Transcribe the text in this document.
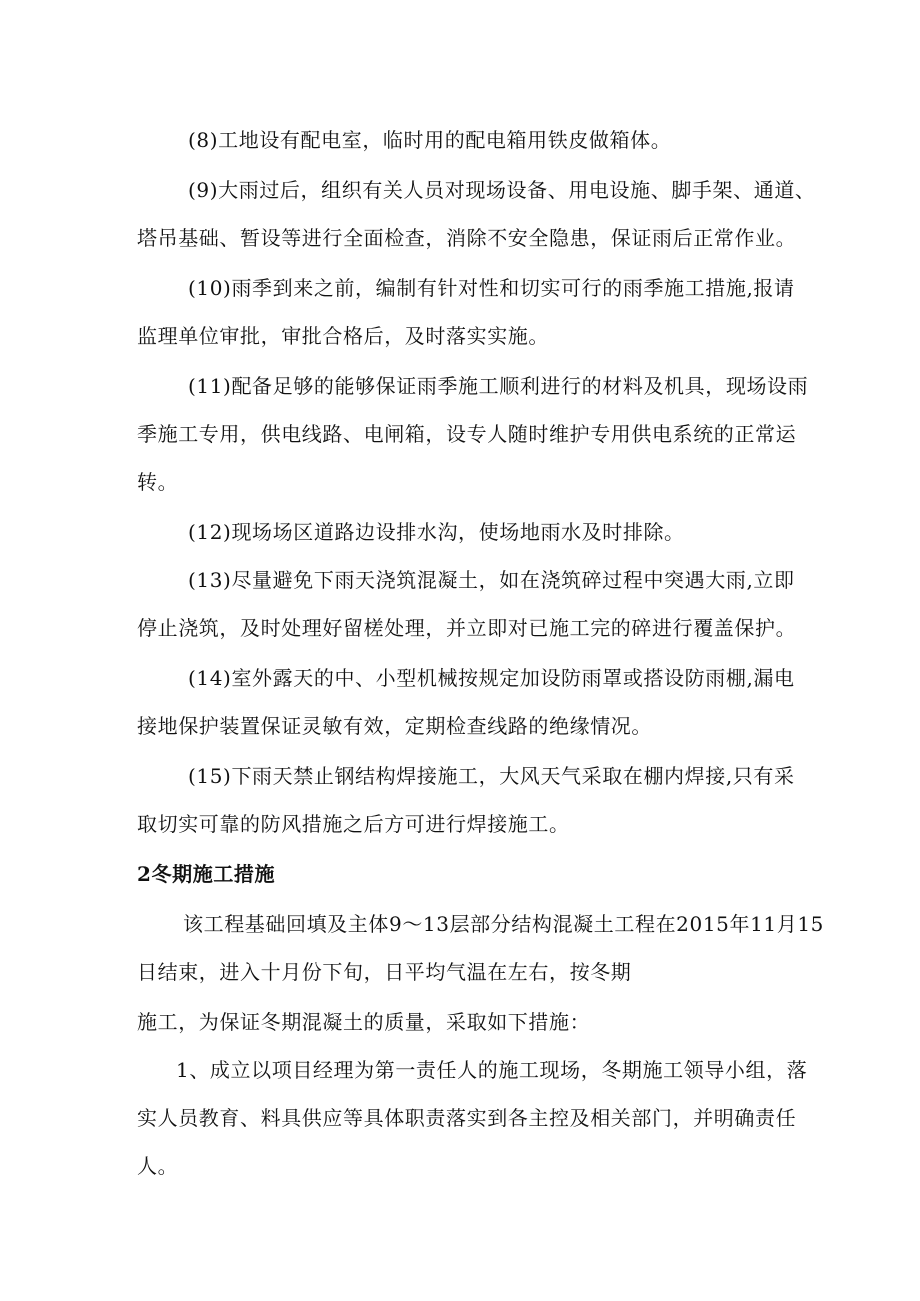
(8)工地设有配电室，临时用的配电箱用铁皮做箱体。
(9)大雨过后，组织有关人员对现场设备、用电设施、脚手架、通道、
塔吊基础、暂设等进行全面检查，消除不安全隐患，保证雨后正常作业。
(10)雨季到来之前，编制有针对性和切实可行的雨季施工措施,报请
监理单位审批，审批合格后，及时落实实施。
(11)配备足够的能够保证雨季施工顺利进行的材料及机具，现场设雨
季施工专用，供电线路、电闸箱，设专人随时维护专用供电系统的正常运
转。
(12)现场场区道路边设排水沟，使场地雨水及时排除。
(13)尽量避免下雨天浇筑混凝土，如在浇筑碎过程中突遇大雨,立即
停止浇筑，及时处理好留槎处理，并立即对已施工完的碎进行覆盖保护。
(14)室外露天的中、小型机械按规定加设防雨罩或搭设防雨棚,漏电
接地保护装置保证灵敏有效，定期检查线路的绝缘情况。
(15)下雨天禁止钢结构焊接施工，大风天气采取在棚内焊接,只有采
取切实可靠的防风措施之后方可进行焊接施工。
2冬期施工措施
该工程基础回填及主体9〜13层部分结构混凝土工程在2015年11月15
日结束，进入十月份下旬，日平均气温在左右，按冬期
施工，为保证冬期混凝土的质量，采取如下措施：
1、成立以项目经理为第一责任人的施工现场，冬期施工领导小组，落
实人员教育、料具供应等具体职责落实到各主控及相关部门，并明确责任
人。
